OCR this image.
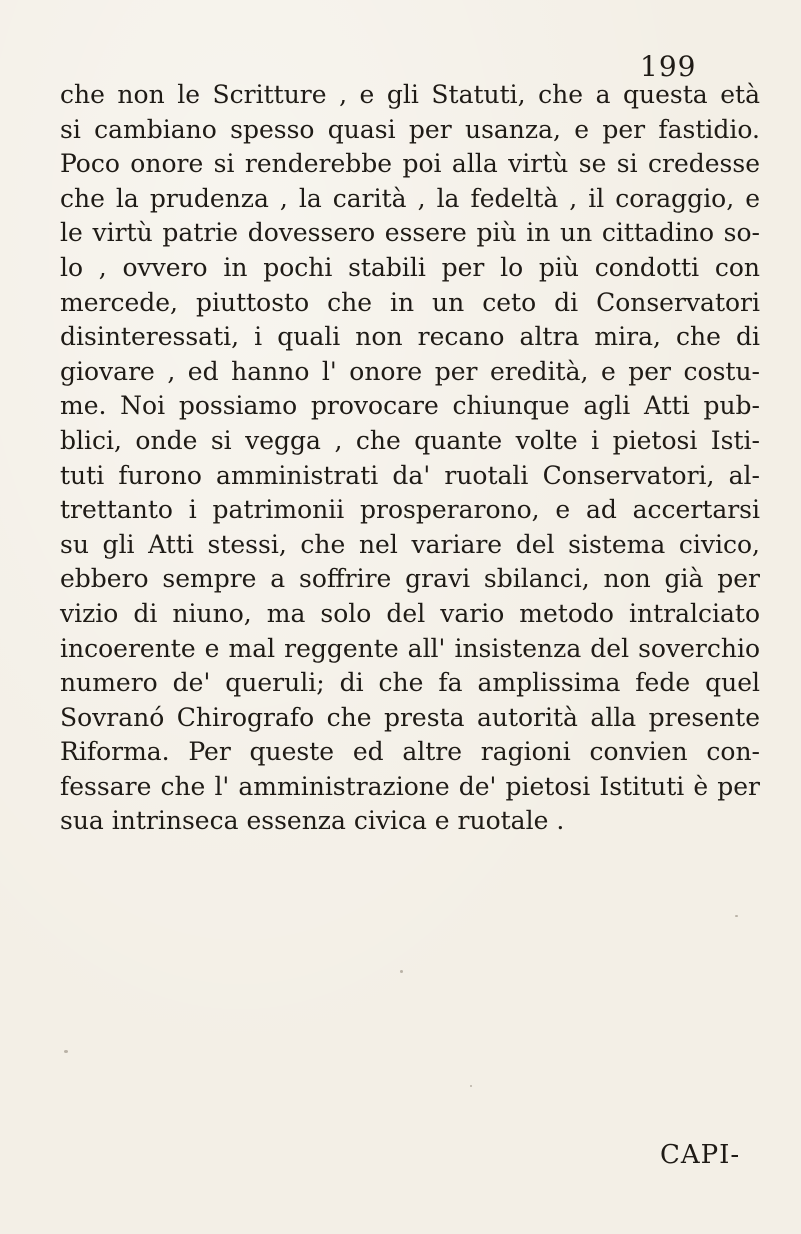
199
che non le Scritture , e gli Statuti, che a questa età
si cambiano spesso quasi per usanza, e per fastidio.
Poco onore si renderebbe poi alla virtù se si credesse
che la prudenza , la carità , la fedeltà , il coraggio, e
le virtù patrie dovessero essere più in un cittadino so-
lo , ovvero in pochi stabili per lo più condotti con
mercede, piuttosto che in un ceto di Conservatori
disinteressati, i quali non recano altra mira, che di
giovare , ed hanno l' onore per eredità, e per costu-
me. Noi possiamo provocare chiunque agli Atti pub-
blici, onde si vegga , che quante volte i pietosi Isti-
tuti furono amministrati da' ruotali Conservatori, al-
trettanto i patrimonii prosperarono, e ad accertarsi
su gli Atti stessi, che nel variare del sistema civico,
ebbero sempre a soffrire gravi sbilanci, non già per
vizio di niuno, ma solo del vario metodo intralciato
incoerente e mal reggente all' insistenza del soverchio
numero de' queruli; di che fa amplissima fede quel
Sovranó Chirografo che presta autorità alla presente
Riforma. Per queste ed altre ragioni convien con-
fessare che l' amministrazione de' pietosi Istituti è per
sua intrinseca essenza civica e ruotale .
CAPI-
